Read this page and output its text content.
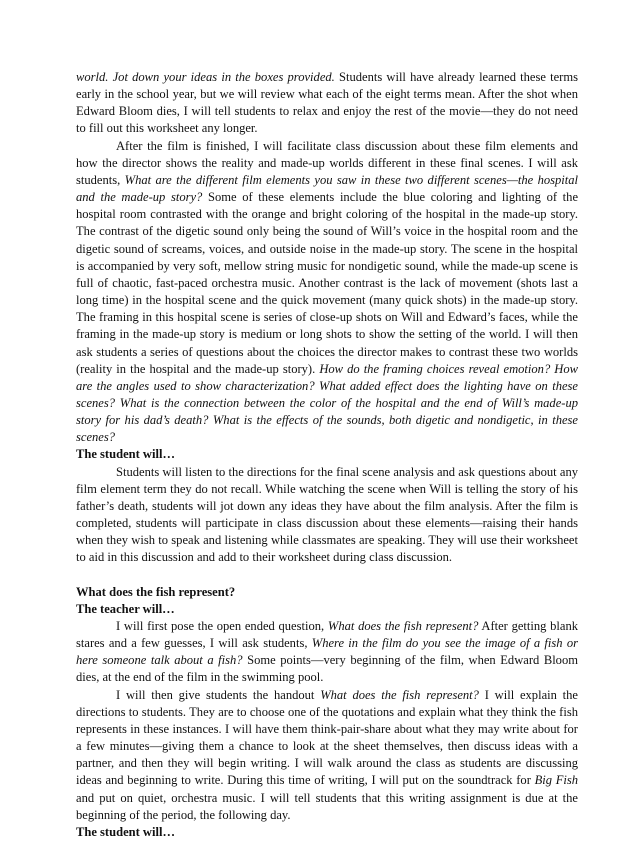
world. Jot down your ideas in the boxes provided. Students will have already learned these terms early in the school year, but we will review what each of the eight terms mean. After the shot when Edward Bloom dies, I will tell students to relax and enjoy the rest of the movie—they do not need to fill out this worksheet any longer.

After the film is finished, I will facilitate class discussion about these film elements and how the director shows the reality and made-up worlds different in these final scenes. I will ask students, What are the different film elements you saw in these two different scenes—the hospital and the made-up story? Some of these elements include the blue coloring and lighting of the hospital room contrasted with the orange and bright coloring of the hospital in the made-up story. The contrast of the digetic sound only being the sound of Will’s voice in the hospital room and the digetic sound of screams, voices, and outside noise in the made-up story. The scene in the hospital is accompanied by very soft, mellow string music for nondigetic sound, while the made-up scene is full of chaotic, fast-paced orchestra music. Another contrast is the lack of movement (shots last a long time) in the hospital scene and the quick movement (many quick shots) in the made-up story. The framing in this hospital scene is series of close-up shots on Will and Edward’s faces, while the framing in the made-up story is medium or long shots to show the setting of the world. I will then ask students a series of questions about the choices the director makes to contrast these two worlds (reality in the hospital and the made-up story). How do the framing choices reveal emotion? How are the angles used to show characterization? What added effect does the lighting have on these scenes? What is the connection between the color of the hospital and the end of Will’s made-up story for his dad’s death? What is the effects of the sounds, both digetic and nondigetic, in these scenes?

The student will…

Students will listen to the directions for the final scene analysis and ask questions about any film element term they do not recall. While watching the scene when Will is telling the story of his father’s death, students will jot down any ideas they have about the film analysis. After the film is completed, students will participate in class discussion about these elements—raising their hands when they wish to speak and listening while classmates are speaking. They will use their worksheet to aid in this discussion and add to their worksheet during class discussion.

What does the fish represent?

The teacher will…

I will first pose the open ended question, What does the fish represent? After getting blank stares and a few guesses, I will ask students, Where in the film do you see the image of a fish or here someone talk about a fish? Some points—very beginning of the film, when Edward Bloom dies, at the end of the film in the swimming pool.

I will then give students the handout What does the fish represent? I will explain the directions to students. They are to choose one of the quotations and explain what they think the fish represents in these instances. I will have them think-pair-share about what they may write about for a few minutes—giving them a chance to look at the sheet themselves, then discuss ideas with a partner, and then they will begin writing. I will walk around the class as students are discussing ideas and beginning to write. During this time of writing, I will put on the soundtrack for Big Fish and put on quiet, orchestra music. I will tell students that this writing assignment is due at the beginning of the period, the following day.

The student will…
